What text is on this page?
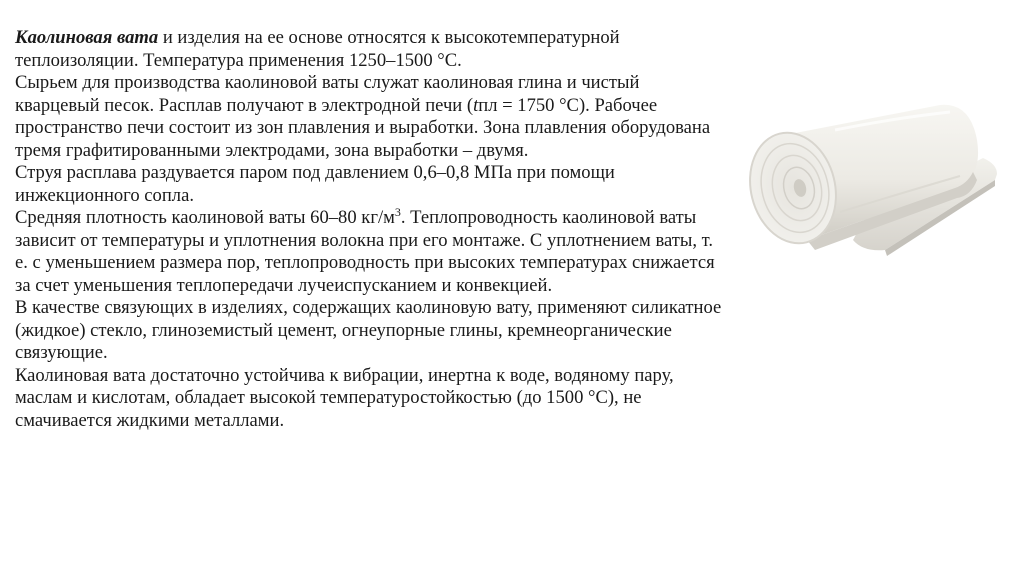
Каолиновая вата и изделия на ее основе относятся к высокотемпературной теплоизоляции. Температура применения 1250–1500 °С.

Сырьем для производства каолиновой ваты служат каолиновая глина и чистый кварцевый песок. Расплав получают в электродной печи (tпл = 1750 °С). Рабочее пространство печи состоит из зон плавления и выработки. Зона плавления оборудована тремя графитированными электродами, зона выработки – двумя.

Струя расплава раздувается паром под давлением 0,6–0,8 МПа при помощи инжекционного сопла.

Средняя плотность каолиновой ваты 60–80 $кг/м^3$. Теплопроводность каолиновой ваты зависит от температуры и уплотнения волокна при его монтаже. С уплотнением ваты, т. е. с уменьшением размера пор, теплопроводность при высоких температурах снижается за счет уменьшения теплопередачи лучеиспусканием и конвекцией.

В качестве связующих в изделиях, содержащих каолиновую вату, применяют силикатное (жидкое) стекло, глиноземистый цемент, огнеупорные глины, кремнеорганические связующие.

Каолиновая вата достаточно устойчива к вибрации, инертна к воде, водяному пару, маслам и кислотам, обладает высокой температуростойкостью (до 1500 °С), не смачивается жидкими металлами.
